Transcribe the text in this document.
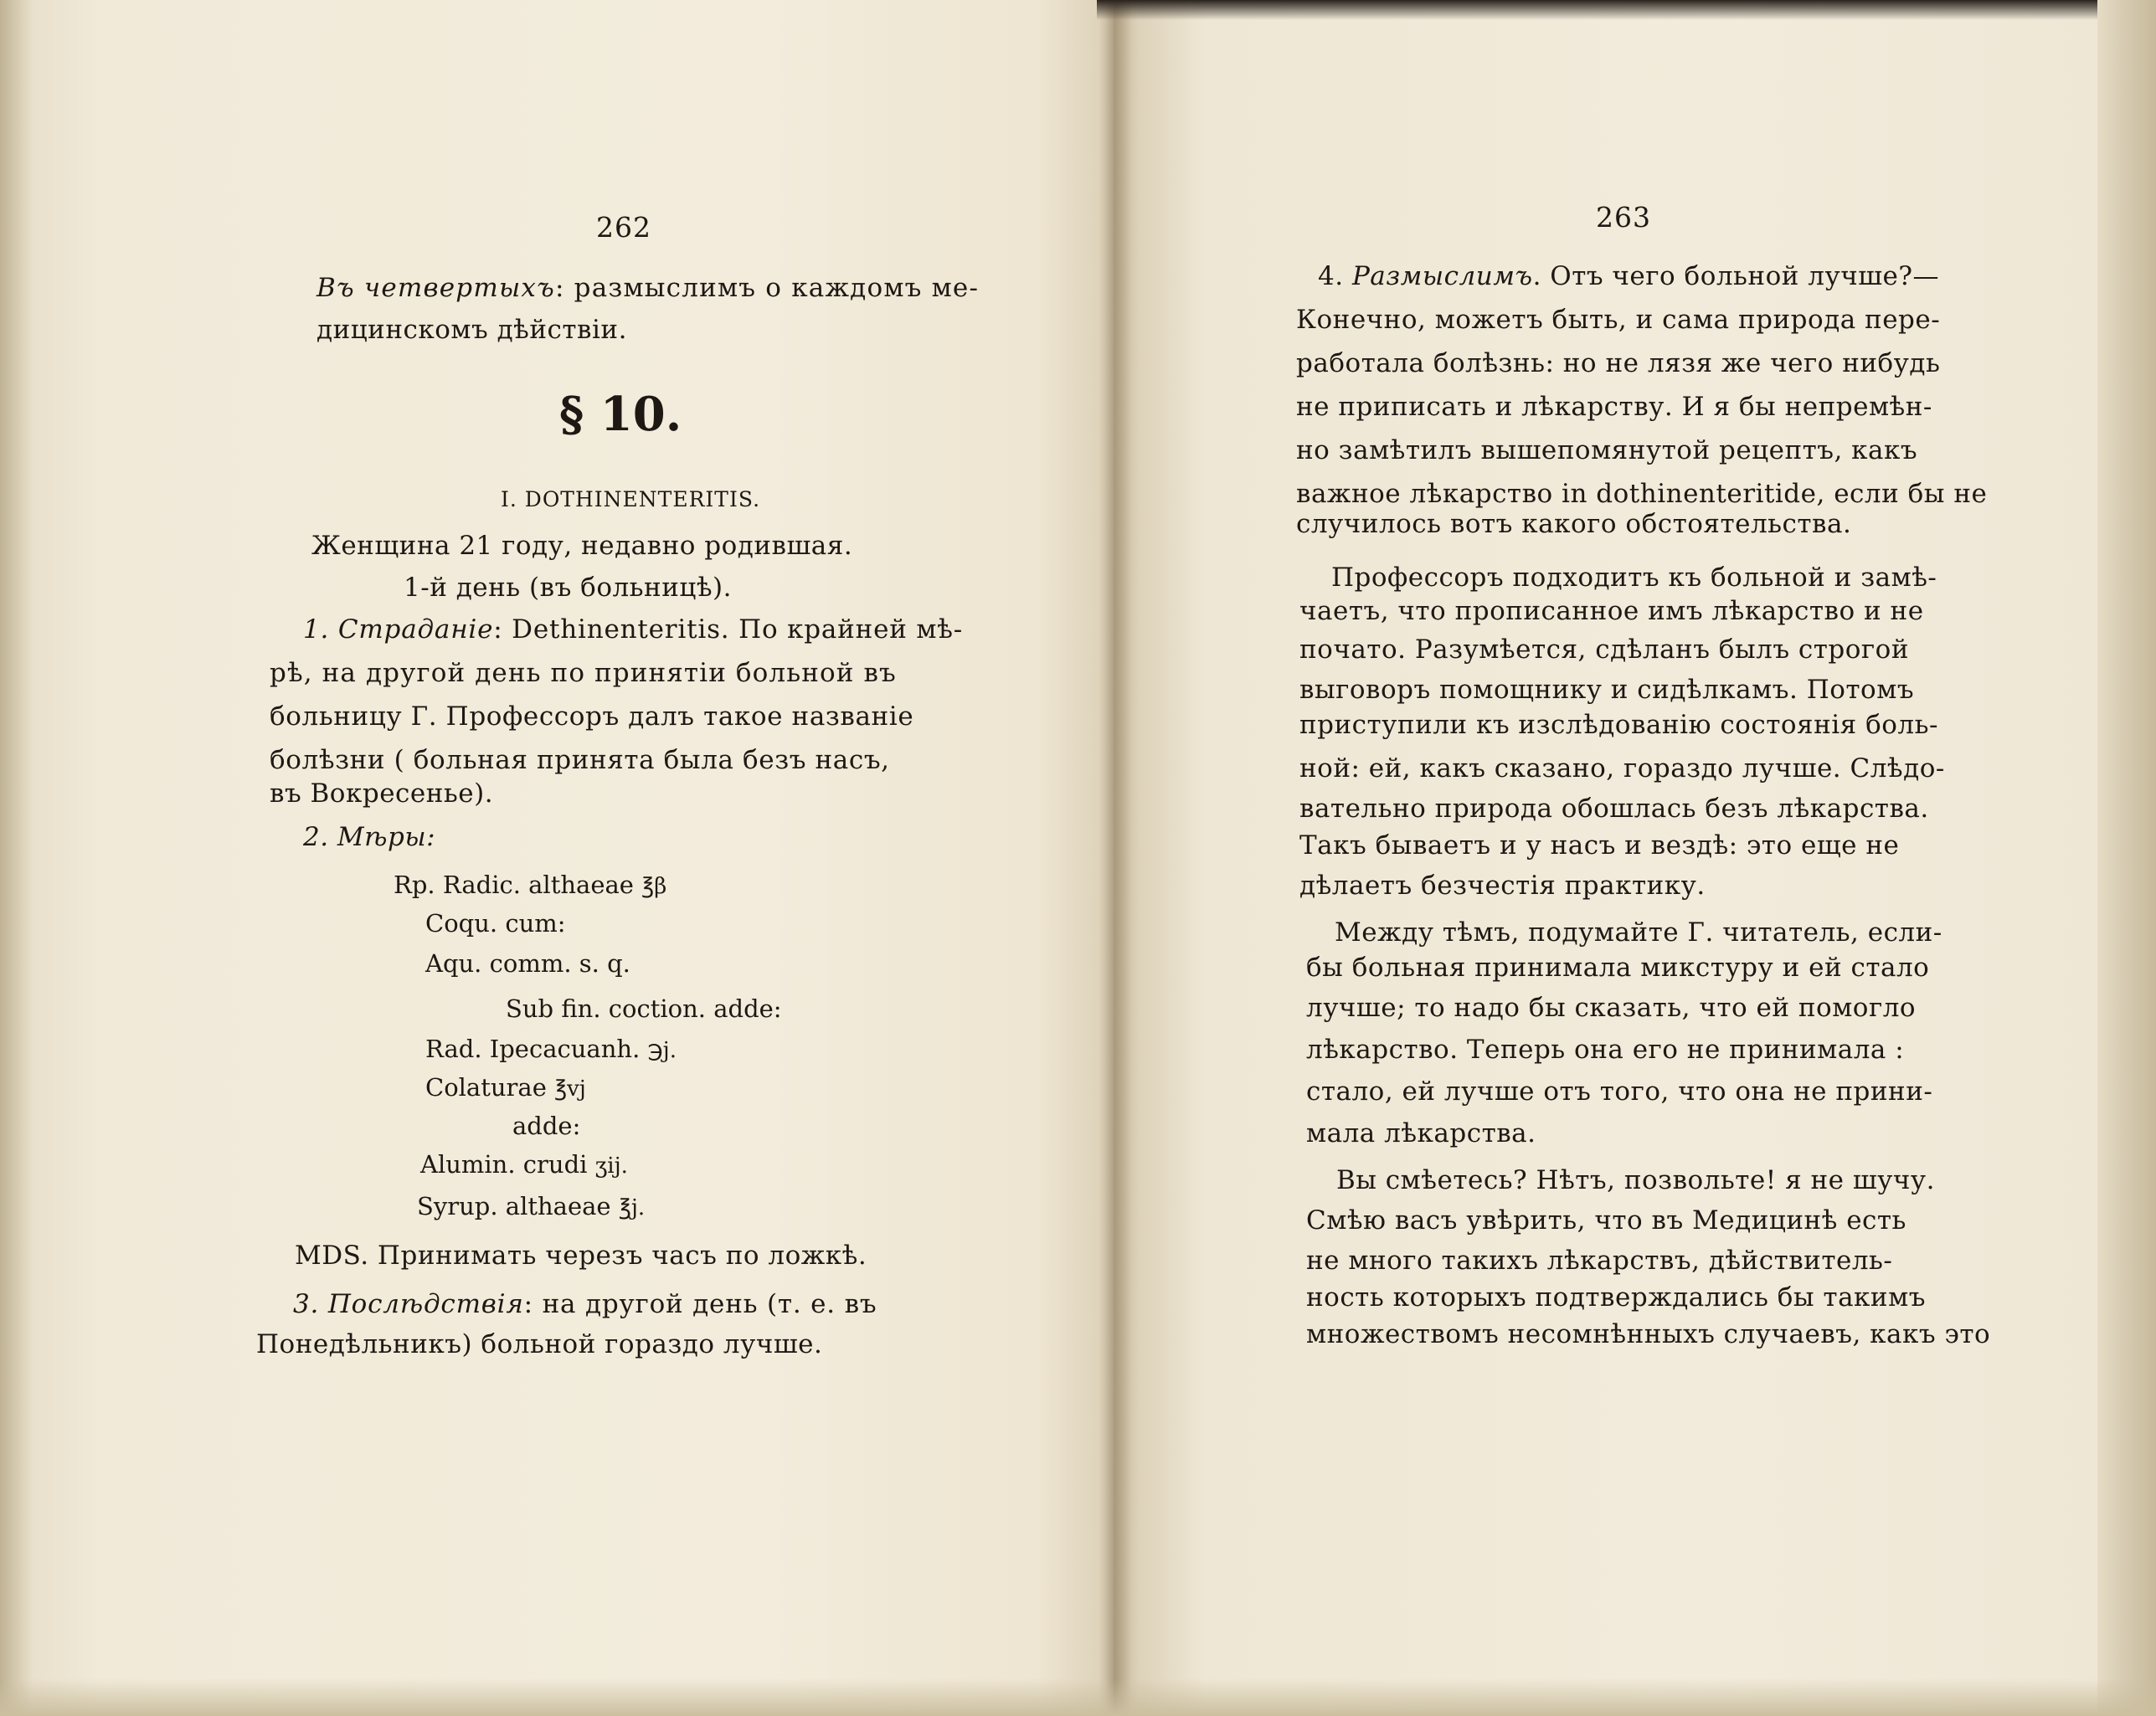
262
Въ четвертыхъ: размыслимъ о каждомъ ме-
дицинскомъ дѣйствіи.
§ 10.
I. DOTHINENTERITIS.
Женщина 21 году, недавно родившая.
1-й день (въ больницѣ).
1. Страданіе: Dethinenteritis. По крайней мѣ-
рѣ, на другой день по принятіи больной въ
больницу Г. Профессоръ далъ такое названіе
болѣзни ( больная принята была безъ насъ,
въ Вокресенье).
2. Мѣры:
Rp. Radic. althaeae ℥β
Coqu. cum:
Aqu. comm. s. q.
Sub fin. coction. adde:
Rad. Ipecacuanh. ℈j.
Colaturae ℥vj
adde:
Alumin. crudi ʒij.
Syrup. althaeae ℥j.
MDS. Принимать черезъ часъ по ложкѣ.
3. Послѣдствія: на другой день (т. е. въ
Понедѣльникъ) больной гораздо лучше.
263
4. Размыслимъ. Отъ чего больной лучше?—
Конечно, можетъ быть, и сама природа пере-
работала болѣзнь: но не лязя же чего нибудь
не приписать и лѣкарству. И я бы непремѣн-
но замѣтилъ вышепомянутой рецептъ, какъ
важное лѣкарство in dothinenteritide, если бы не
случилось вотъ какого обстоятельства.
Профессоръ подходитъ къ больной и замѣ-
чаетъ, что прописанное имъ лѣкарство и не
почато. Разумѣется, сдѣланъ былъ строгой
выговоръ помощнику и сидѣлкамъ. Потомъ
приступили къ изслѣдованію состоянія боль-
ной: ей, какъ сказано, гораздо лучше. Слѣдо-
вательно природа обошлась безъ лѣкарства.
Такъ бываетъ и у насъ и вездѣ: это еще не
дѣлаетъ безчестія практику.
Между тѣмъ, подумайте Г. читатель, если-
бы больная принимала микстуру и ей стало
лучше; то надо бы сказать, что ей помогло
лѣкарство. Теперь она его не принимала :
стало, ей лучше отъ того, что она не прини-
мала лѣкарства.
Вы смѣетесь? Нѣтъ, позвольте! я не шучу.
Смѣю васъ увѣрить, что въ Медицинѣ есть
не много такихъ лѣкарствъ, дѣйствитель-
ность которыхъ подтверждались бы такимъ
множествомъ несомнѣнныхъ случаевъ, какъ это
